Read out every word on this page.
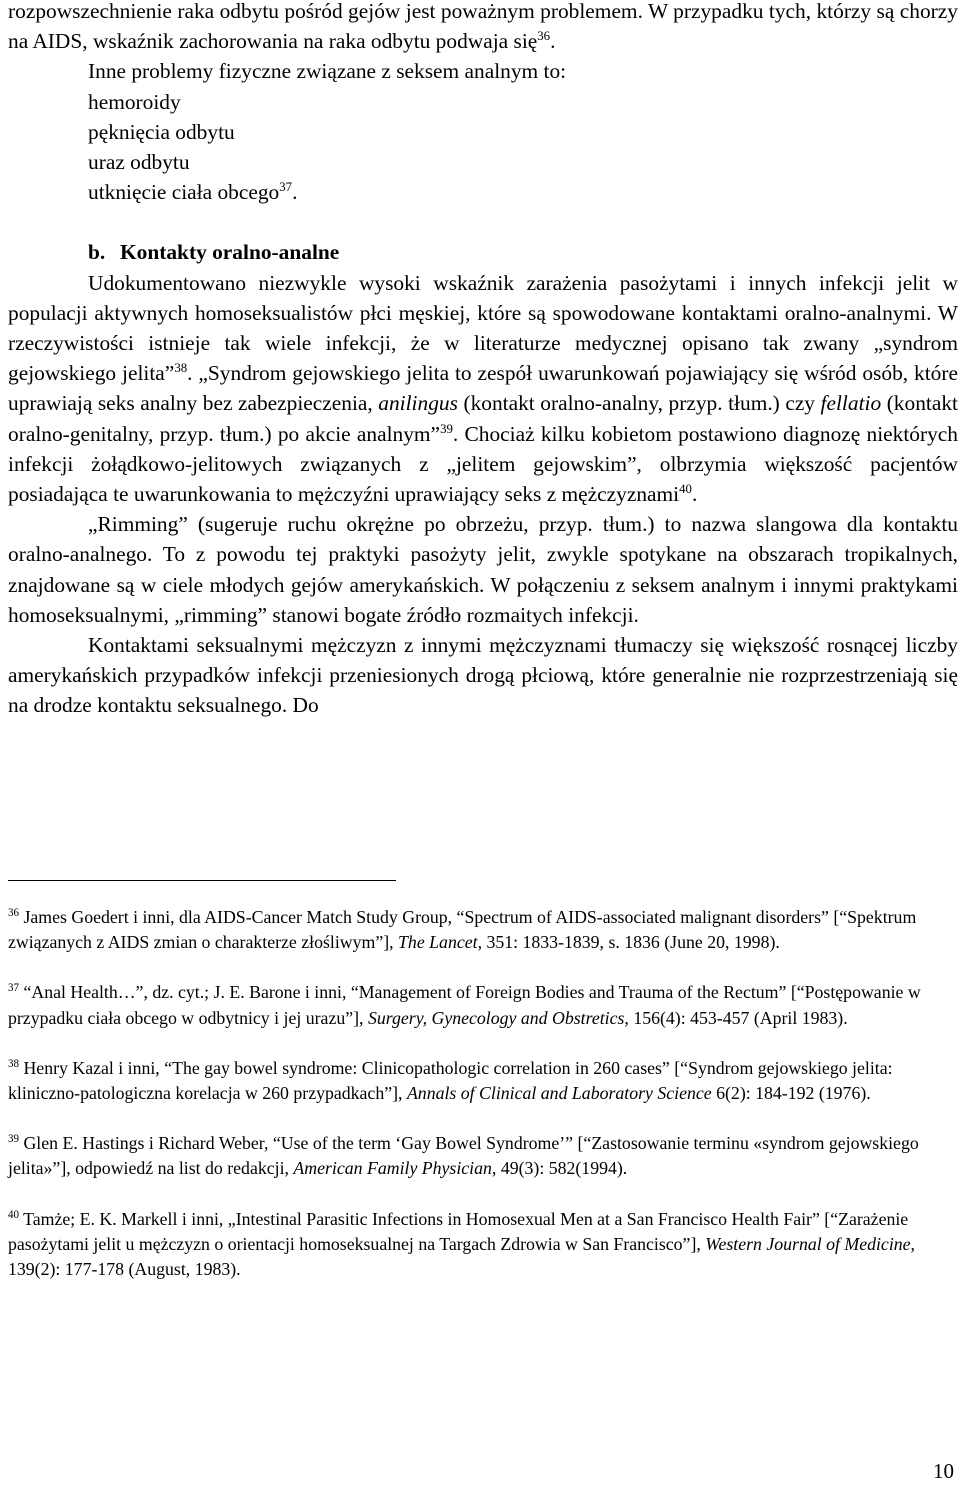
rozpowszechnienie raka odbytu pośród gejów jest poważnym problemem. W przypadku tych, którzy są chorzy na AIDS, wskaźnik zachorowania na raka odbytu podwaja się$^{36}$.

Inne problemy fizyczne związane z seksem analnym to:

hemoroidy
pęknięcia odbytu
uraz odbytu
utknięcie ciała obcego$^{37}$.
b. Kontakty oralno-analne

Udokumentowano niezwykle wysoki wskaźnik zarażenia pasożytami i innych infekcji jelit w populacji aktywnych homoseksualistów płci męskiej, które są spowodowane kontaktami oralno-analnymi. W rzeczywistości istnieje tak wiele infekcji, że w literaturze medycznej opisano tak zwany „syndrom gejowskiego jelita”$^{38}$. „Syndrom gejowskiego jelita to zespół uwarunkowań pojawiający się wśród osób, które uprawiają seks analny bez zabezpieczenia, anilingus (kontakt oralno-analny, przyp. tłum.) czy fellatio (kontakt oralno-genitalny, przyp. tłum.) po akcie analnym”$^{39}$. Chociaż kilku kobietom postawiono diagnozę niektórych infekcji żołądkowo-jelitowych związanych z „jelitem gejowskim”, olbrzymia większość pacjentów posiadająca te uwarunkowania to mężczyźni uprawiający seks z mężczyznami$^{40}$.

„Rimming” (sugeruje ruchu okrężne po obrzeżu, przyp. tłum.) to nazwa slangowa dla kontaktu oralno-analnego. To z powodu tej praktyki pasożyty jelit, zwykle spotykane na obszarach tropikalnych, znajdowane są w ciele młodych gejów amerykańskich. W połączeniu z seksem analnym i innymi praktykami homoseksualnymi, „rimming” stanowi bogate źródło rozmaitych infekcji.

Kontaktami seksualnymi mężczyzn z innymi mężczyznami tłumaczy się większość rosnącej liczby amerykańskich przypadków infekcji przeniesionych drogą płciową, które generalnie nie rozprzestrzeniają się na drodze kontaktu seksualnego. Do

$^{36}$ James Goedert i inni, dla AIDS-Cancer Match Study Group, “Spectrum of AIDS-associated malignant disorders” [“Spektrum związanych z AIDS zmian o charakterze złośliwym”], The Lancet, 351: 1833-1839, s. 1836 (June 20, 1998).
$^{37}$ “Anal Health…”, dz. cyt.; J. E. Barone i inni, “Management of Foreign Bodies and Trauma of the Rectum” [“Postępowanie w przypadku ciała obcego w odbytnicy i jej urazu”], Surgery, Gynecology and Obstretics, 156(4): 453-457 (April 1983).
$^{38}$ Henry Kazal i inni, “The gay bowel syndrome: Clinicopathologic correlation in 260 cases” [“Syndrom gejowskiego jelita: kliniczno-patologiczna korelacja w 260 przypadkach”], Annals of Clinical and Laboratory Science 6(2): 184-192 (1976).
$^{39}$ Glen E. Hastings i Richard Weber, “Use of the term ‘Gay Bowel Syndrome’” [“Zastosowanie terminu «syndrom gejowskiego jelita»”], odpowiedź na list do redakcji, American Family Physician, 49(3): 582(1994).
$^{40}$ Tamże; E. K. Markell i inni, „Intestinal Parasitic Infections in Homosexual Men at a San Francisco Health Fair” [“Zarażenie pasożytami jelit u mężczyzn o orientacji homoseksualnej na Targach Zdrowia w San Francisco”], Western Journal of Medicine, 139(2): 177-178 (August, 1983).
10
